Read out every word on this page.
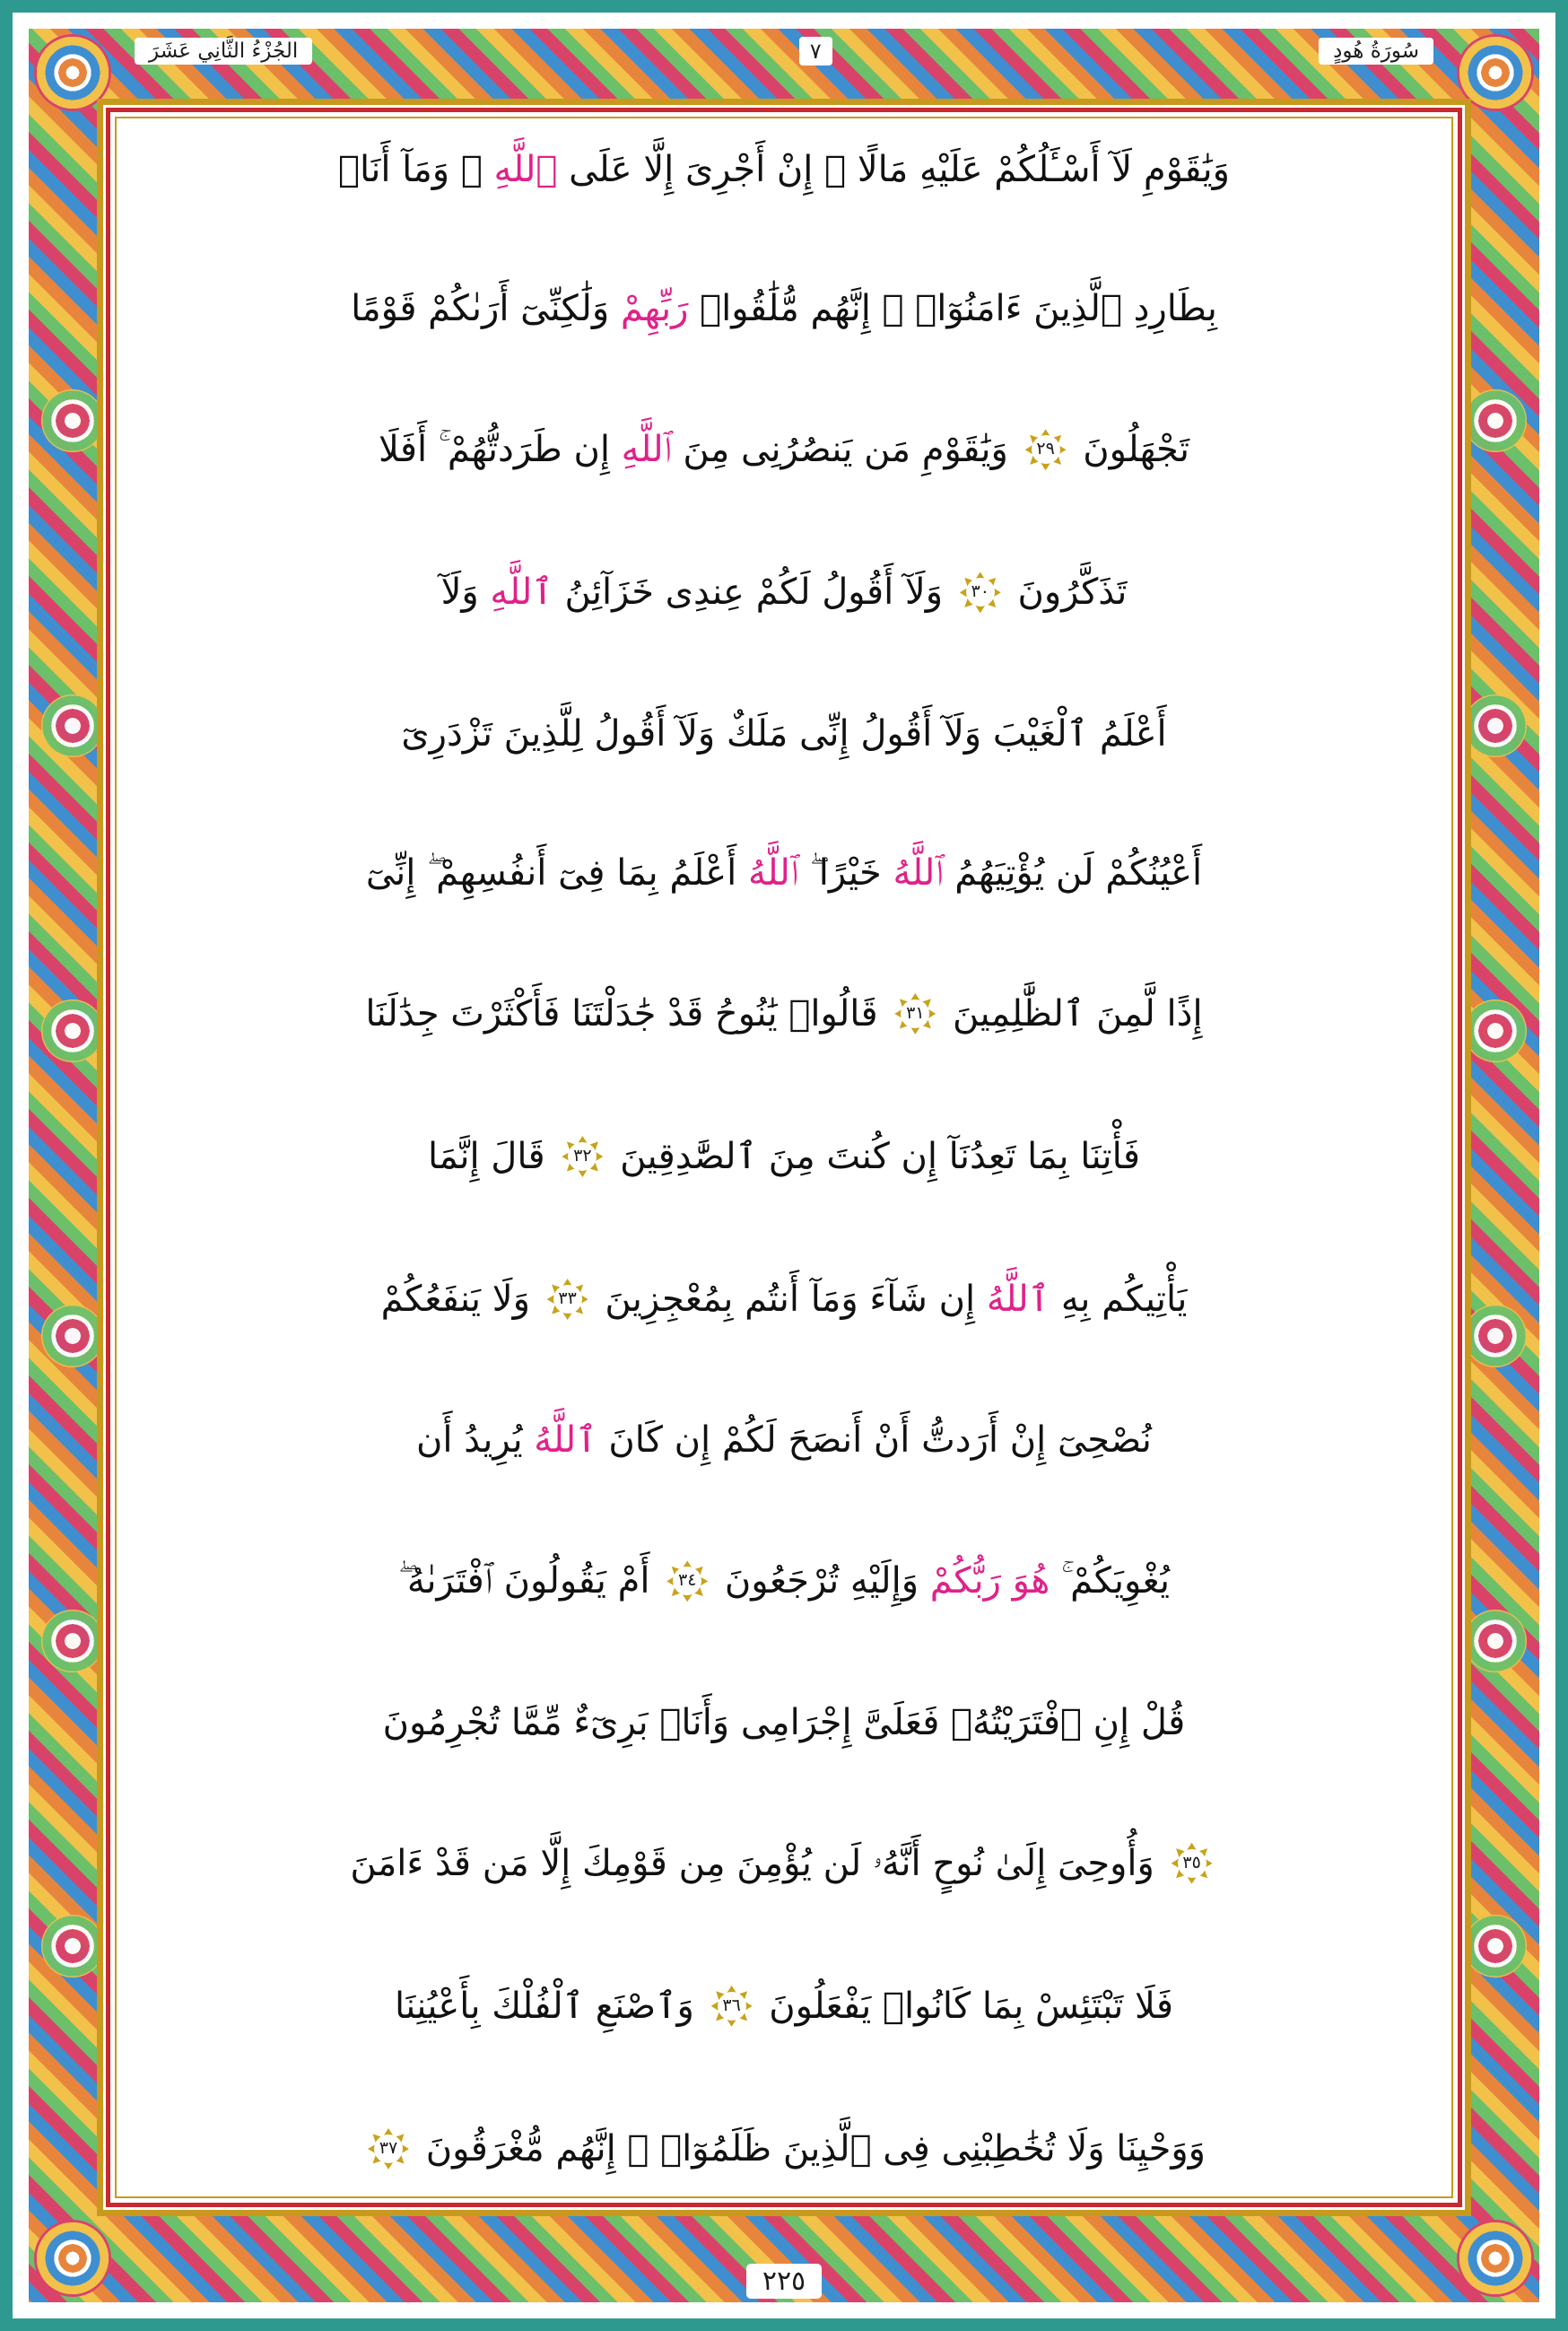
سُورَةُ هُودٍ
٧
الجُزْءُ الثَّانِي عَشَرَ
وَيَٰقَوْمِ لَآ أَسْـَٔلُكُمْ عَلَيْهِ مَالًا ۖ إِنْ أَجْرِىَ إِلَّا عَلَى ٱللَّهِ ۚ وَمَآ أَنَا۠
بِطَارِدِ ٱلَّذِينَ ءَامَنُوٓا۟ ۚ إِنَّهُم مُّلَٰقُوا۟ رَبِّهِمْ وَلَٰكِنِّىٓ أَرَىٰكُمْ قَوْمًا
تَجْهَلُونَ
٢٩
وَيَٰقَوْمِ مَن يَنصُرُنِى مِنَ ٱللَّهِ إِن طَرَدتُّهُمْ ۚ أَفَلَا
تَذَكَّرُونَ
٣٠
وَلَآ أَقُولُ لَكُمْ عِندِى خَزَآئِنُ ٱللَّهِ وَلَآ
أَعْلَمُ ٱلْغَيْبَ وَلَآ أَقُولُ إِنِّى مَلَكٌ وَلَآ أَقُولُ لِلَّذِينَ تَزْدَرِىٓ
أَعْيُنُكُمْ لَن يُؤْتِيَهُمُ ٱللَّهُ خَيْرًا ۖ ٱللَّهُ أَعْلَمُ بِمَا فِىٓ أَنفُسِهِمْ ۖ إِنِّىٓ
إِذًا لَّمِنَ ٱلظَّٰلِمِينَ
٣١
قَالُوا۟ يَٰنُوحُ قَدْ جَٰدَلْتَنَا فَأَكْثَرْتَ جِدَٰلَنَا
فَأْتِنَا بِمَا تَعِدُنَآ إِن كُنتَ مِنَ ٱلصَّٰدِقِينَ
٣٢
قَالَ إِنَّمَا
يَأْتِيكُم بِهِ ٱللَّهُ إِن شَآءَ وَمَآ أَنتُم بِمُعْجِزِينَ
٣٣
وَلَا يَنفَعُكُمْ
نُصْحِىٓ إِنْ أَرَدتُّ أَنْ أَنصَحَ لَكُمْ إِن كَانَ ٱللَّهُ يُرِيدُ أَن
يُغْوِيَكُمْ ۚ هُوَ رَبُّكُمْ وَإِلَيْهِ تُرْجَعُونَ
٣٤
أَمْ يَقُولُونَ ٱفْتَرَىٰهُ ۖ
قُلْ إِنِ ٱفْتَرَيْتُهُۥ فَعَلَىَّ إِجْرَامِى وَأَنَا۠ بَرِىٓءٌ مِّمَّا تُجْرِمُونَ
٣٥
وَأُوحِىَ إِلَىٰ نُوحٍ أَنَّهُۥ لَن يُؤْمِنَ مِن قَوْمِكَ إِلَّا مَن قَدْ ءَامَنَ
فَلَا تَبْتَئِسْ بِمَا كَانُوا۟ يَفْعَلُونَ
٣٦
وَٱصْنَعِ ٱلْفُلْكَ بِأَعْيُنِنَا
وَوَحْيِنَا وَلَا تُخَٰطِبْنِى فِى ٱلَّذِينَ ظَلَمُوٓا۟ ۚ إِنَّهُم مُّغْرَقُونَ
٣٧
٢٢٥
